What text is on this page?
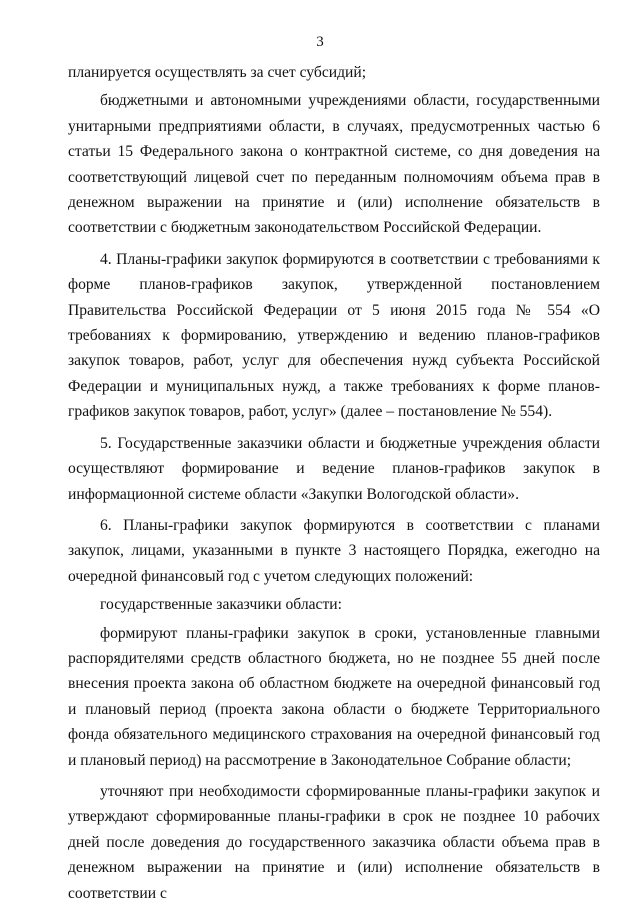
3

планируется осуществлять за счет субсидий;

бюджетными и автономными учреждениями области, государственными унитарными предприятиями области, в случаях, предусмотренных частью 6 статьи 15 Федерального закона о контрактной системе, со дня доведения на соответствующий лицевой счет по переданным полномочиям объема прав в денежном выражении на принятие и (или) исполнение обязательств в соответствии с бюджетным законодательством Российской Федерации.

4. Планы-графики закупок формируются в соответствии с требованиями к форме планов-графиков закупок, утвержденной постановлением Правительства Российской Федерации от 5 июня 2015 года № 554 «О требованиях к формированию, утверждению и ведению планов-графиков закупок товаров, работ, услуг для обеспечения нужд субъекта Российской Федерации и муниципальных нужд, а также требованиях к форме планов-графиков закупок товаров, работ, услуг» (далее – постановление № 554).

5. Государственные заказчики области и бюджетные учреждения области осуществляют формирование и ведение планов-графиков закупок в информационной системе области «Закупки Вологодской области».

6. Планы-графики закупок формируются в соответствии с планами закупок, лицами, указанными в пункте 3 настоящего Порядка, ежегодно на очередной финансовый год с учетом следующих положений:

государственные заказчики области:

формируют планы-графики закупок в сроки, установленные главными распорядителями средств областного бюджета, но не позднее 55 дней после внесения проекта закона об областном бюджете на очередной финансовый год и плановый период (проекта закона области о бюджете Территориального фонда обязательного медицинского страхования на очередной финансовый год и плановый период) на рассмотрение в Законодательное Собрание области;

уточняют при необходимости сформированные планы-графики закупок и утверждают сформированные планы-графики в срок не позднее 10 рабочих дней после доведения до государственного заказчика области объема прав в денежном выражении на принятие и (или) исполнение обязательств в соответствии с
